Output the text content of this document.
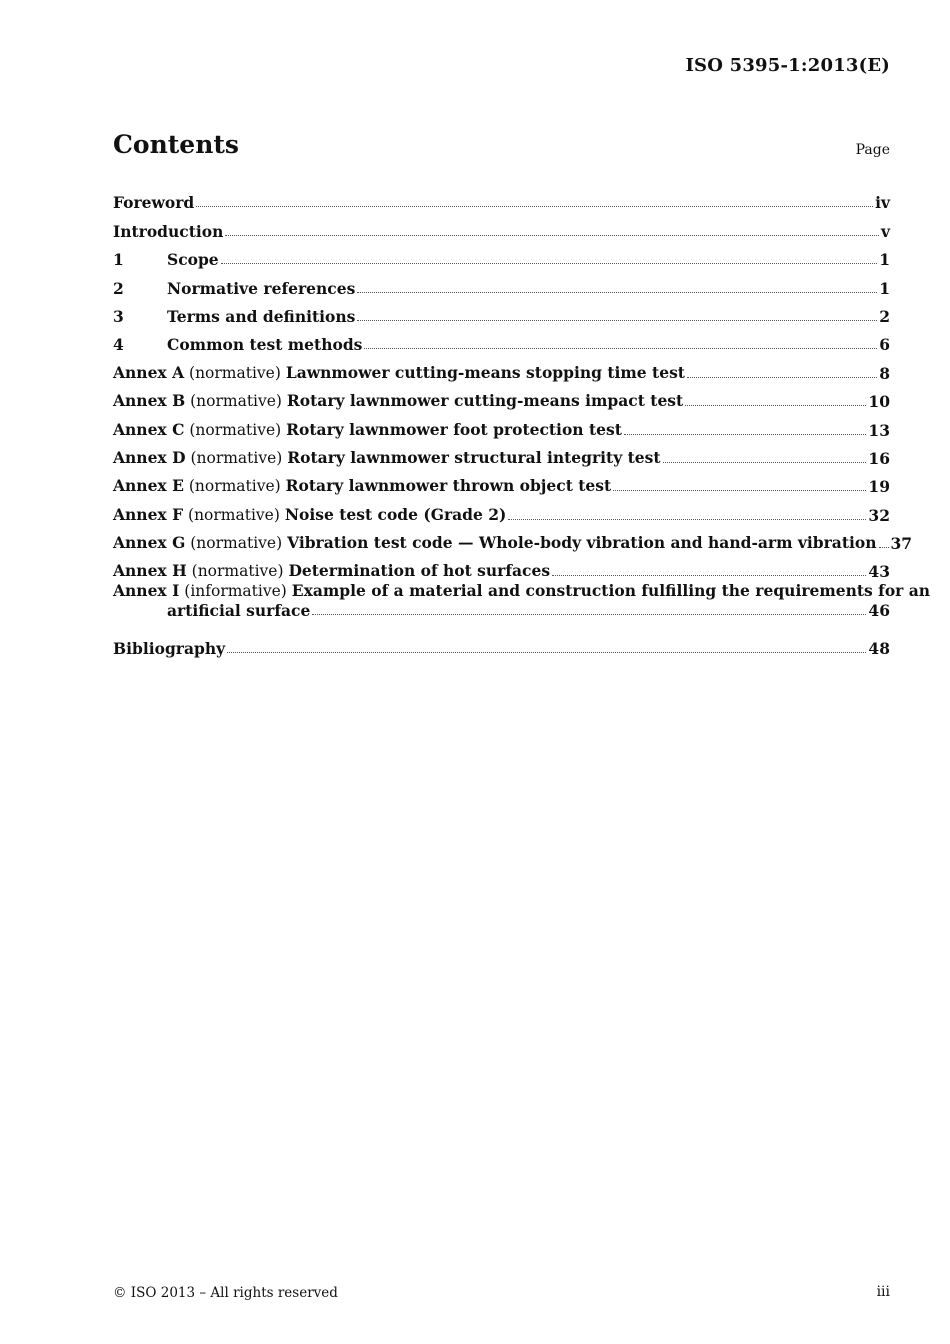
ISO 5395-1:2013(E)
Contents	Page
Foreword	iv
Introduction	v
1	Scope	1
2	Normative references	1
3	Terms and definitions	2
4	Common test methods	6
Annex A (normative) Lawnmower cutting-means stopping time test	8
Annex B (normative) Rotary lawnmower cutting-means impact test	10
Annex C (normative) Rotary lawnmower foot protection test	13
Annex D (normative) Rotary lawnmower structural integrity test	16
Annex E (normative) Rotary lawnmower thrown object test	19
Annex F (normative) Noise test code (Grade 2)	32
Annex G (normative) Vibration test code — Whole-body vibration and hand-arm vibration 37
Annex H (normative) Determination of hot surfaces	43
Annex I (informative) Example of a material and construction fulfilling the requirements for an
artificial surface	46
Bibliography	48
© ISO 2013 – All rights reserved	iii
